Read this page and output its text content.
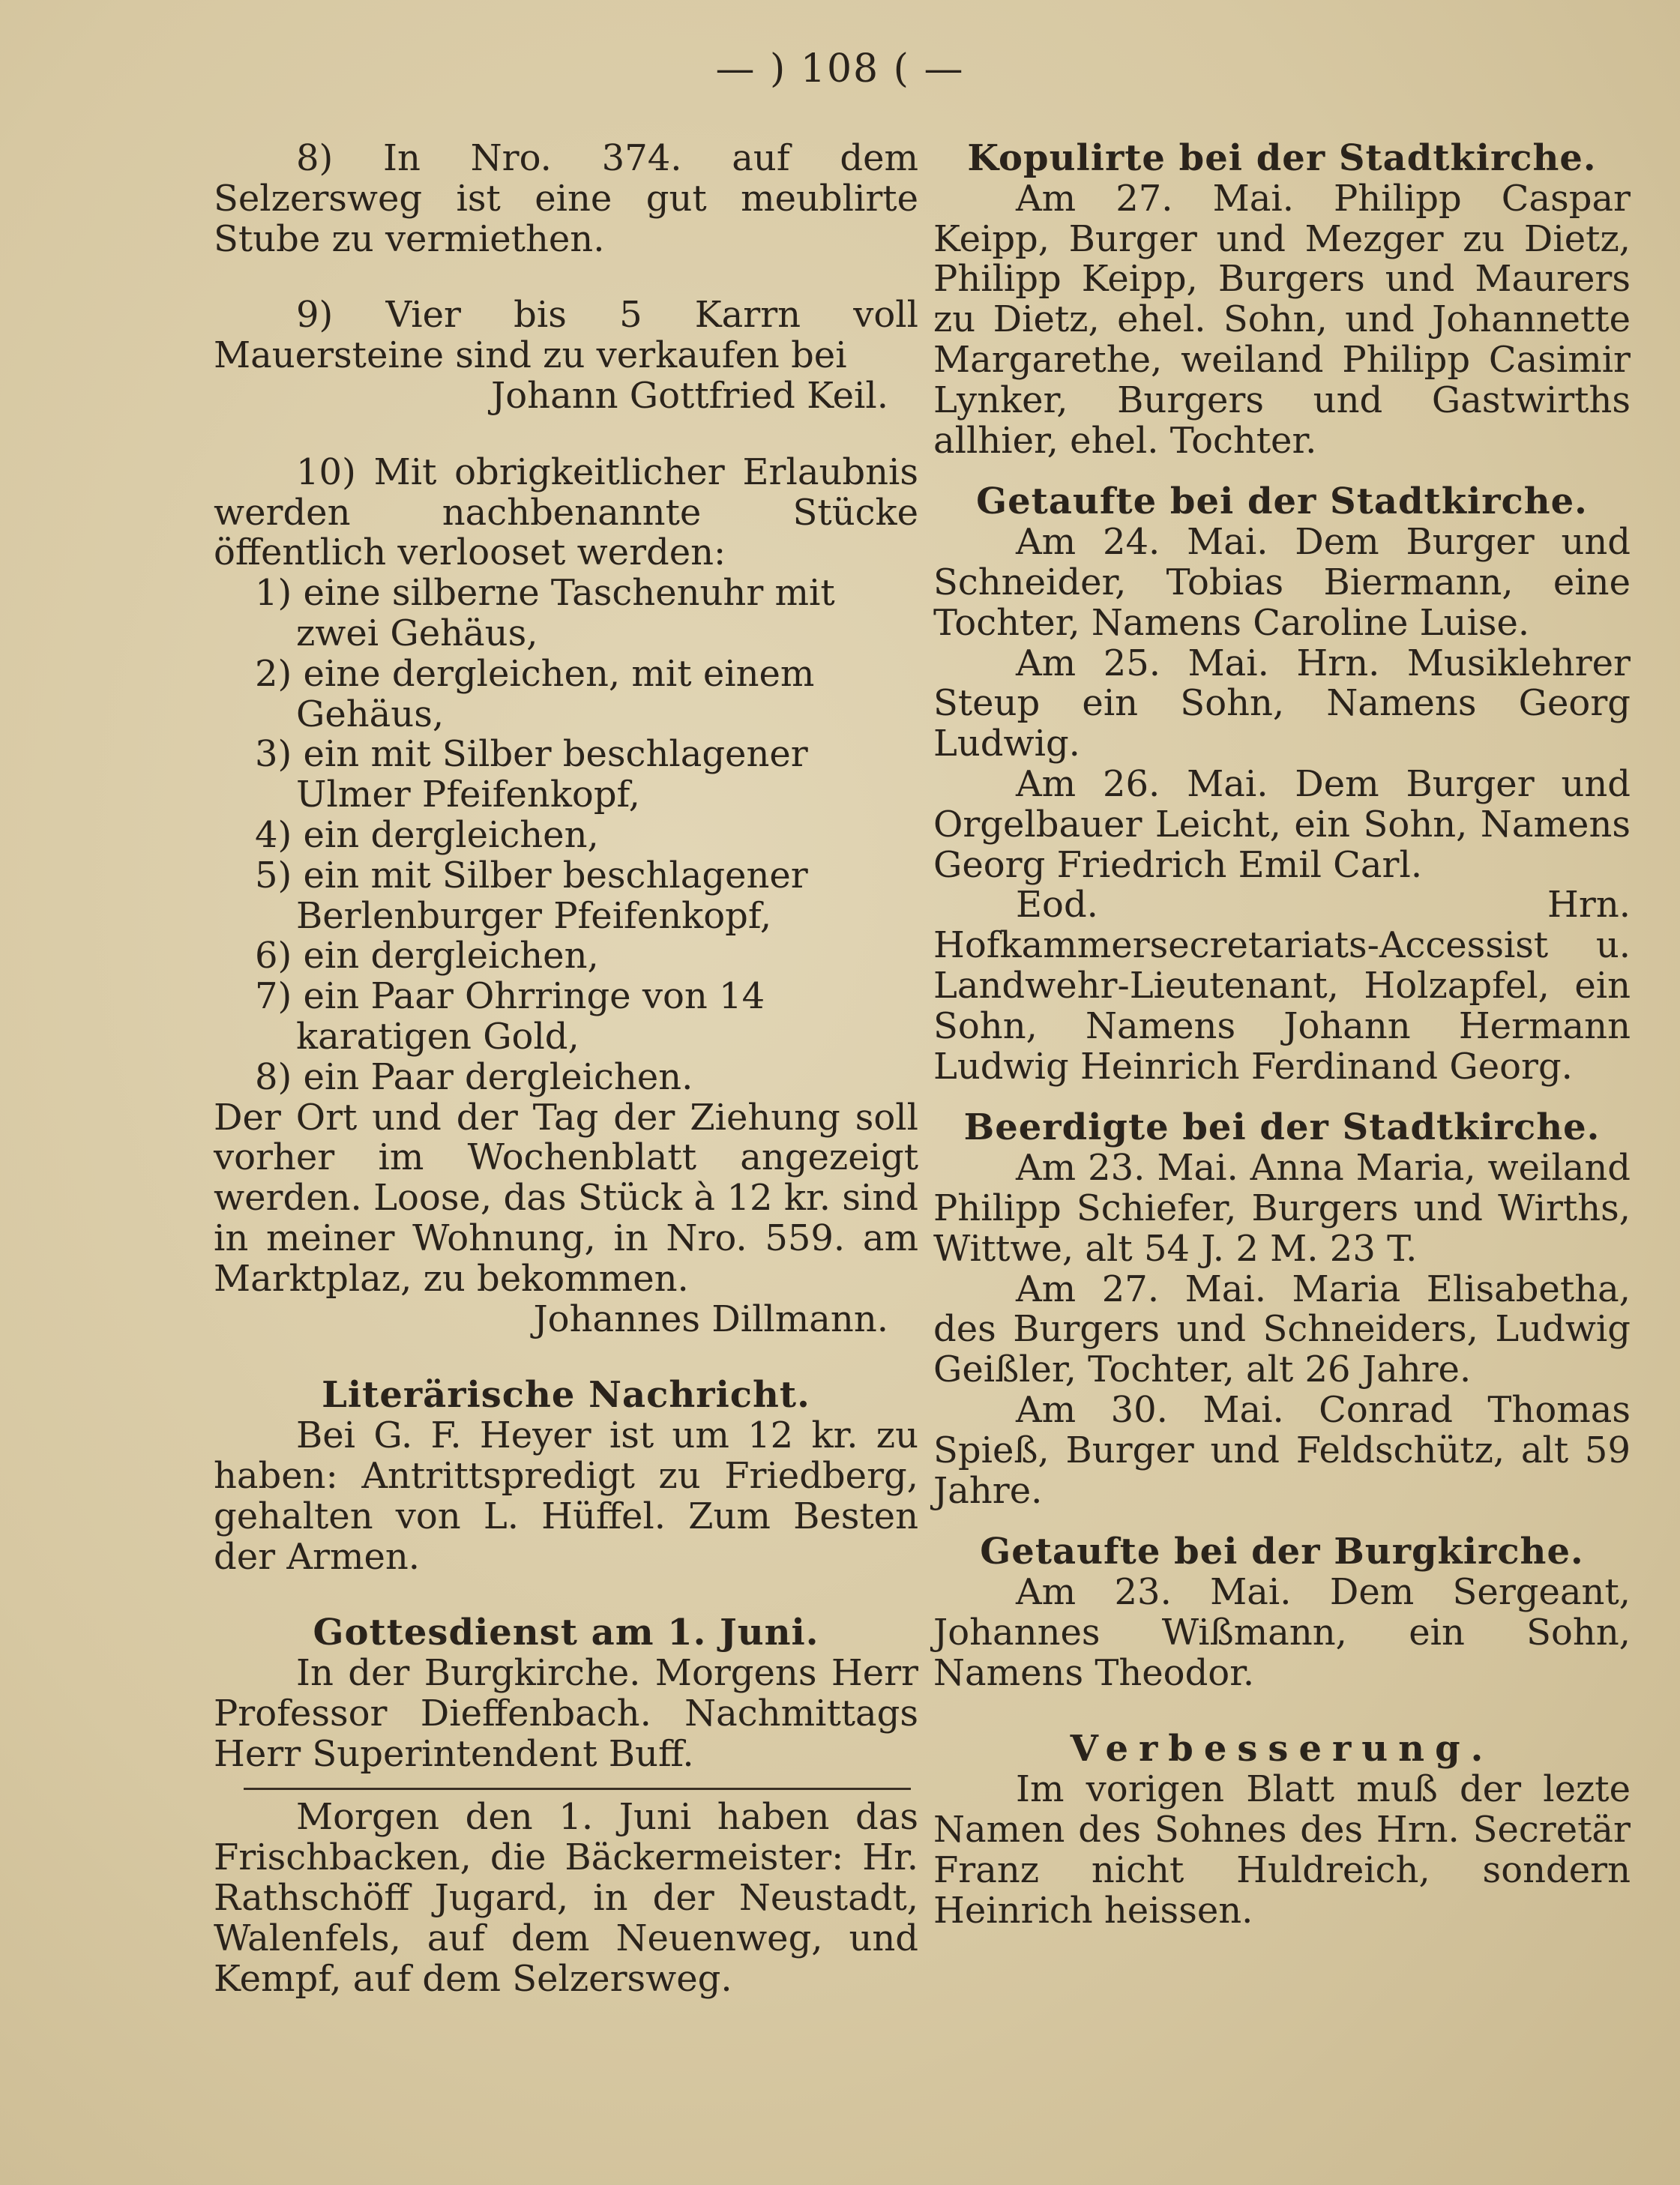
— ) 108 ( —

8) In Nro. 374. auf dem Selzersweg ist eine gut meublirte Stube zu vermiethen.

9) Vier bis 5 Karrn voll Mauersteine sind zu verkaufen bei

Johann Gottfried Keil.

10) Mit obrigkeitlicher Erlaubnis werden nachbenannte Stücke öffentlich verlooset werden:

1) eine silberne Taschenuhr mit zwei Gehäus,

2) eine dergleichen, mit einem Gehäus,

3) ein mit Silber beschlagener Ulmer Pfeifenkopf,

4) ein dergleichen,

5) ein mit Silber beschlagener Berlenburger Pfeifenkopf,

6) ein dergleichen,

7) ein Paar Ohrringe von 14 karatigen Gold,

8) ein Paar dergleichen.

Der Ort und der Tag der Ziehung soll vorher im Wochenblatt angezeigt werden. Loose, das Stück à 12 kr. sind in meiner Wohnung, in Nro. 559. am Marktplaz, zu bekommen.

Johannes Dillmann.

Literärische Nachricht.

Bei G. F. Heyer ist um 12 kr. zu haben: Antrittspredigt zu Friedberg, gehalten von L. Hüffel. Zum Besten der Armen.

Gottesdienst am 1. Juni.

In der Burgkirche. Morgens Herr Professor Dieffenbach. Nachmittags Herr Superintendent Buff.

Morgen den 1. Juni haben das Frischbacken, die Bäckermeister: Hr. Rathschöff Jugard, in der Neustadt, Walenfels, auf dem Neuenweg, und Kempf, auf dem Selzersweg.

Kopulirte bei der Stadtkirche.

Am 27. Mai. Philipp Caspar Keipp, Burger und Mezger zu Dietz, Philipp Keipp, Burgers und Maurers zu Dietz, ehel. Sohn, und Johannette Margarethe, weiland Philipp Casimir Lynker, Burgers und Gastwirths allhier, ehel. Tochter.

Getaufte bei der Stadtkirche.

Am 24. Mai. Dem Burger und Schneider, Tobias Biermann, eine Tochter, Namens Caroline Luise.

Am 25. Mai. Hrn. Musiklehrer Steup ein Sohn, Namens Georg Ludwig.

Am 26. Mai. Dem Burger und Orgelbauer Leicht, ein Sohn, Namens Georg Friedrich Emil Carl.

Eod. Hrn. Hofkammersecretariats-Accessist u. Landwehr-Lieutenant, Holzapfel, ein Sohn, Namens Johann Hermann Ludwig Heinrich Ferdinand Georg.

Beerdigte bei der Stadtkirche.

Am 23. Mai. Anna Maria, weiland Philipp Schiefer, Burgers und Wirths, Wittwe, alt 54 J. 2 M. 23 T.

Am 27. Mai. Maria Elisabetha, des Burgers und Schneiders, Ludwig Geißler, Tochter, alt 26 Jahre.

Am 30. Mai. Conrad Thomas Spieß, Burger und Feldschütz, alt 59 Jahre.

Getaufte bei der Burgkirche.

Am 23. Mai. Dem Sergeant, Johannes Wißmann, ein Sohn, Namens Theodor.

Verbesserung.

Im vorigen Blatt muß der lezte Namen des Sohnes des Hrn. Secretär Franz nicht Huldreich, sondern Heinrich heissen.
